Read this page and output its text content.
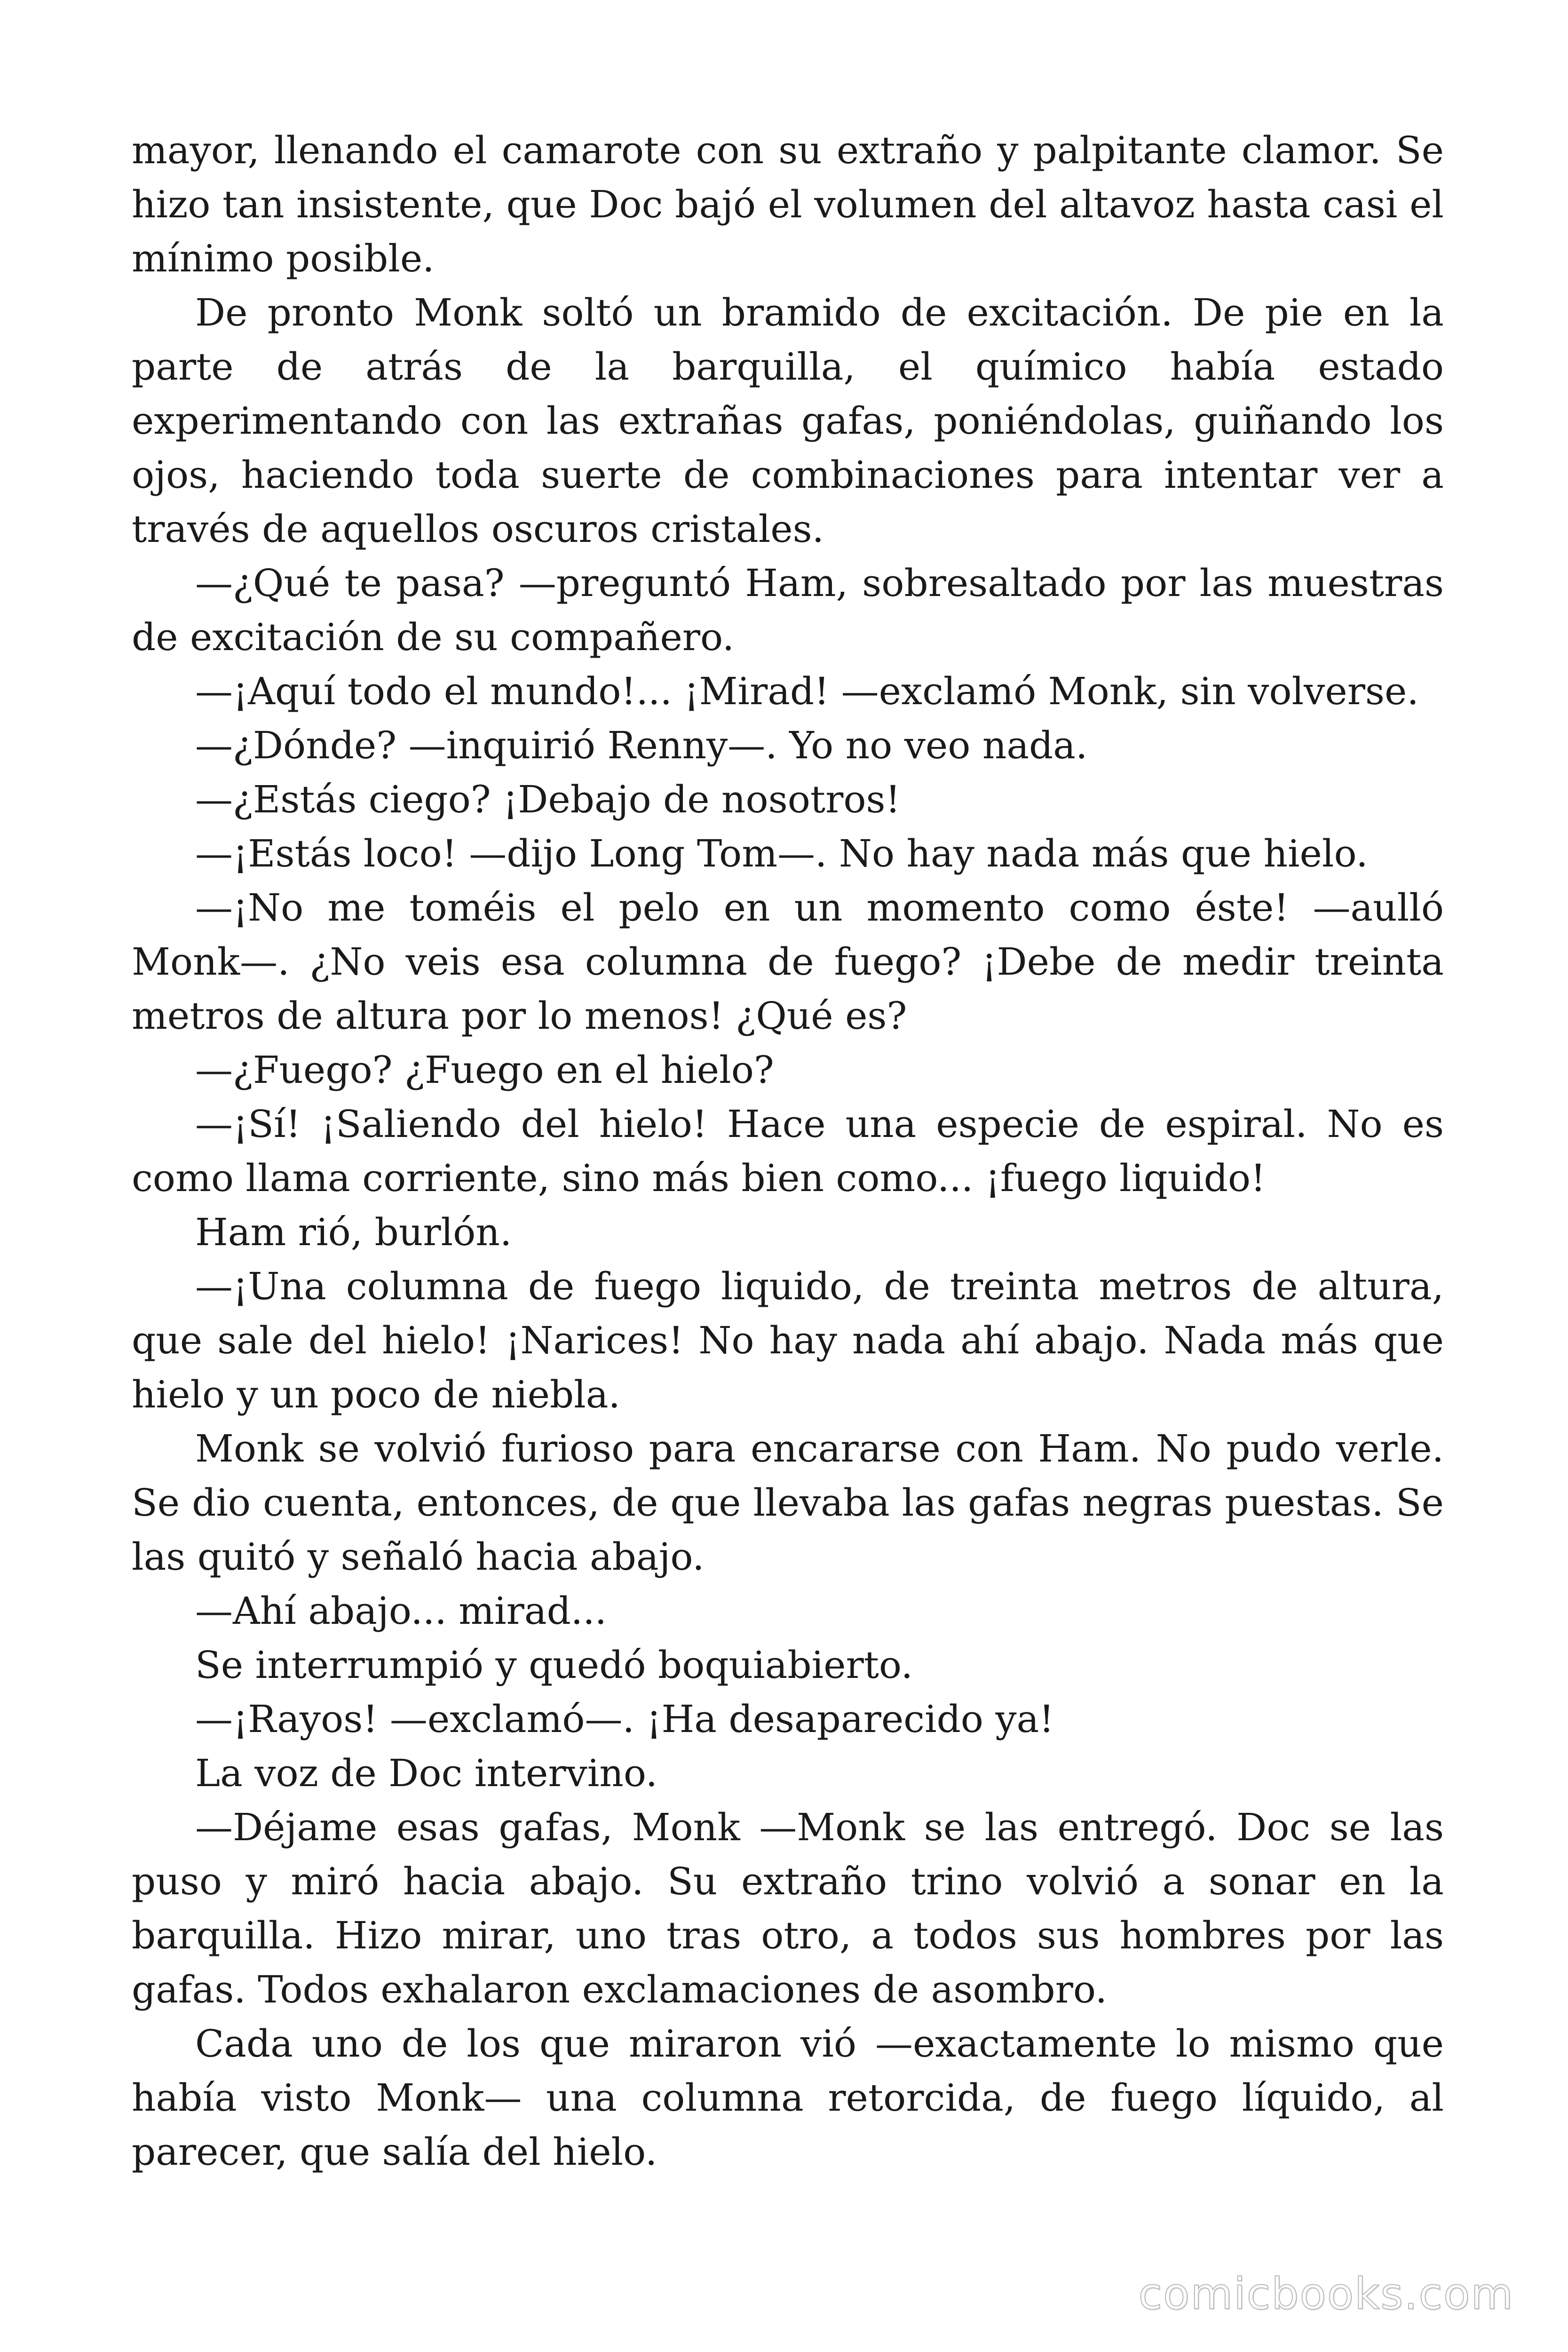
mayor, llenando el camarote con su extraño y palpitante clamor. Se hizo tan insistente, que Doc bajó el volumen del altavoz hasta casi el mínimo posible.

De pronto Monk soltó un bramido de excitación. De pie en la parte de atrás de la barquilla, el químico había estado experimentando con las extrañas gafas, poniéndolas, guiñando los ojos, haciendo toda suerte de combinaciones para intentar ver a través de aquellos oscuros cristales.

—¿Qué te pasa? —preguntó Ham, sobresaltado por las muestras de excitación de su compañero.

—¡Aquí todo el mundo!... ¡Mirad! —exclamó Monk, sin volverse.

—¿Dónde? —inquirió Renny—. Yo no veo nada.

—¿Estás ciego? ¡Debajo de nosotros!

—¡Estás loco! —dijo Long Tom—. No hay nada más que hielo.

—¡No me toméis el pelo en un momento como éste! —aulló Monk—. ¿No veis esa columna de fuego? ¡Debe de medir treinta metros de altura por lo menos! ¿Qué es?

—¿Fuego? ¿Fuego en el hielo?

—¡Sí! ¡Saliendo del hielo! Hace una especie de espiral. No es como llama corriente, sino más bien como... ¡fuego liquido!

Ham rió, burlón.

—¡Una columna de fuego liquido, de treinta metros de altura, que sale del hielo! ¡Narices! No hay nada ahí abajo. Nada más que hielo y un poco de niebla.

Monk se volvió furioso para encararse con Ham. No pudo verle. Se dio cuenta, entonces, de que llevaba las gafas negras puestas. Se las quitó y señaló hacia abajo.

—Ahí abajo... mirad...

Se interrumpió y quedó boquiabierto.

—¡Rayos! —exclamó—. ¡Ha desaparecido ya!

La voz de Doc intervino.

—Déjame esas gafas, Monk —Monk se las entregó. Doc se las puso y miró hacia abajo. Su extraño trino volvió a sonar en la barquilla. Hizo mirar, uno tras otro, a todos sus hombres por las gafas. Todos exhalaron exclamaciones de asombro.

Cada uno de los que miraron vió —exactamente lo mismo que había visto Monk— una columna retorcida, de fuego líquido, al parecer, que salía del hielo.

comicbooks.com
